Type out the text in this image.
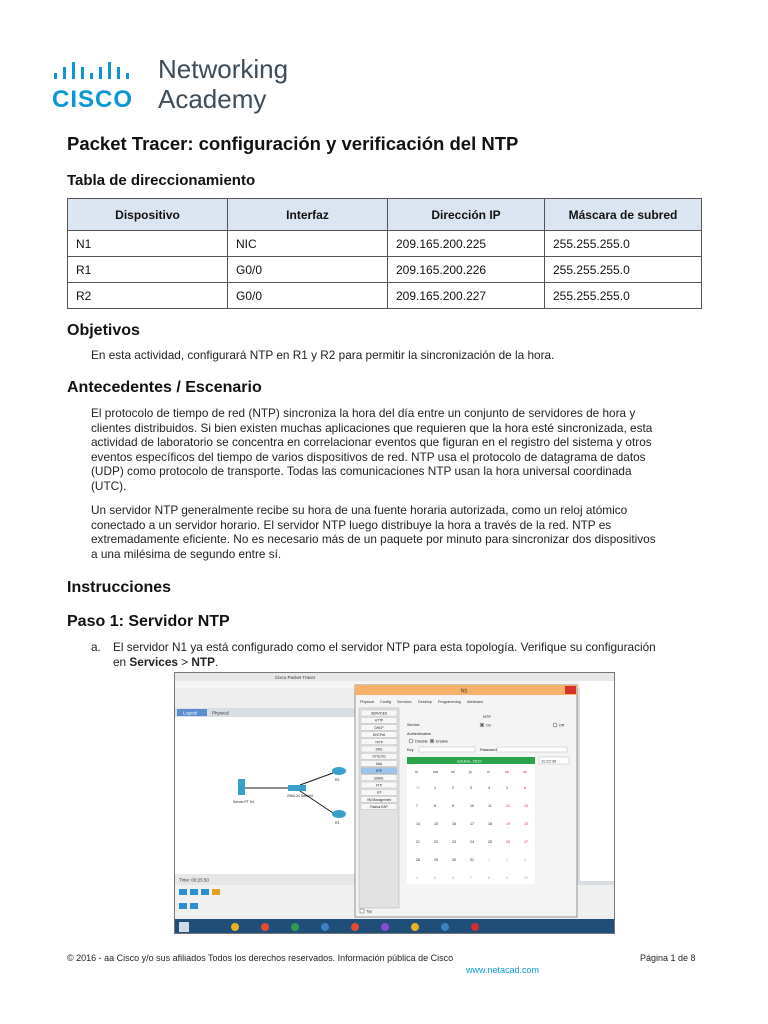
CISCO
Networking
Academy
Packet Tracer: configuración y verificación del NTP
Tabla de direccionamiento
Dispositivo	Interfaz	Dirección IP	Máscara de subred
N1	NIC	209.165.200.225	255.255.255.0
R1	G0/0	209.165.200.226	255.255.255.0
R2	G0/0	209.165.200.227	255.255.255.0
Objetivos
En esta actividad, configurará NTP en R1 y R2 para permitir la sincronización de la hora.
Antecedentes / Escenario
El protocolo de tiempo de red (NTP) sincroniza la hora del día entre un conjunto de servidores de hora y
clientes distribuidos. Si bien existen muchas aplicaciones que requieren que la hora esté sincronizada, esta
actividad de laboratorio se concentra en correlacionar eventos que figuran en el registro del sistema y otros
eventos específicos del tiempo de varios dispositivos de red. NTP usa el protocolo de datagrama de datos
(UDP) como protocolo de transporte. Todas las comunicaciones NTP usan la hora universal coordinada
(UTC).
Un servidor NTP generalmente recibe su hora de una fuente horaria autorizada, como un reloj atómico
conectado a un servidor horario. El servidor NTP luego distribuye la hora a través de la red. NTP es
extremadamente eficiente. No es necesario más de un paquete por minuto para sincronizar dos dispositivos
a una milésima de segundo entre sí.
Instrucciones
Paso 1: Servidor NTP
a. El servidor N1 ya está configurado como el servidor NTP para esta topología. Verifique su configuración
en Services > NTP.
Cisco Packet Tracer
Logical	Physical
Server-PT N1
2960-24 Switch0
R2
R1
Time: 00:25:50
N1
Physical Config Services Desktop Programming Attributes
SERVICES
HTTP
DHCP
DHCPv6
TFTP
DNS
SYSLOG
AAA
NTP
EMAIL
FTP
IoT
VM Management
Radius EAP
NTP
Service	On	Off
Authentication
Disable Enable
Key	Password
octubre, 2019	11:22:39
lu	ma	mi	ju	vi	sá	do
30	1	2	3	4	5	6
7	8	9	10	11	12	13
14	15	16	17	18	19	20
21	22	23	24	25	26	27
28	29	30	31	1	2	3
4	5	6	7	8	9	10
Top
© 2016 - aa Cisco y/o sus afiliados Todos los derechos reservados. Información pública de Cisco	Página 1 de 8
www.netacad.com
